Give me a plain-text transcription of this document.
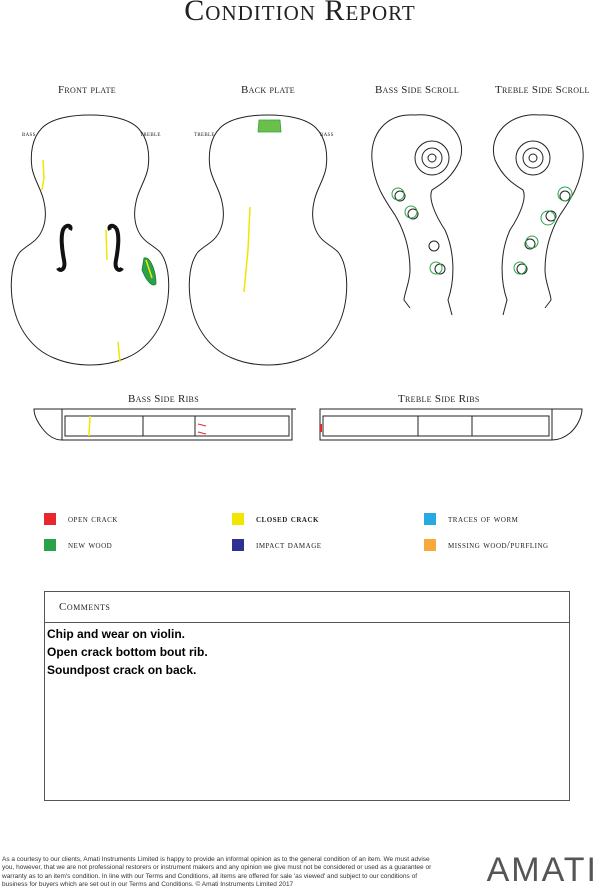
Condition Report
Front plate	Back plate	Bass Side Scroll	Treble Side Scroll
bass	treble	treble	bass
Bass Side Ribs	Treble Side Ribs
open crack	closed crack	traces of worm
new wood	impact damage	missing wood/purfling
Comments
Chip and wear on violin.
Open crack bottom bout rib.
Soundpost crack on back.
As a courtesy to our clients, Amati Instruments Limited is happy to provide an informal opinion as to the general condition of an item. We must advise you, however, that we are not professional restorers or instrument makers and any opinion we give must not be considered or used as a guarantee or warranty as to an item's condition. In line with our Terms and Conditions, all items are offered for sale 'as viewed' and subject to our conditions of business for buyers which are set out in our Terms and Conditions. © Amati Instruments Limited 2017	AMATI
